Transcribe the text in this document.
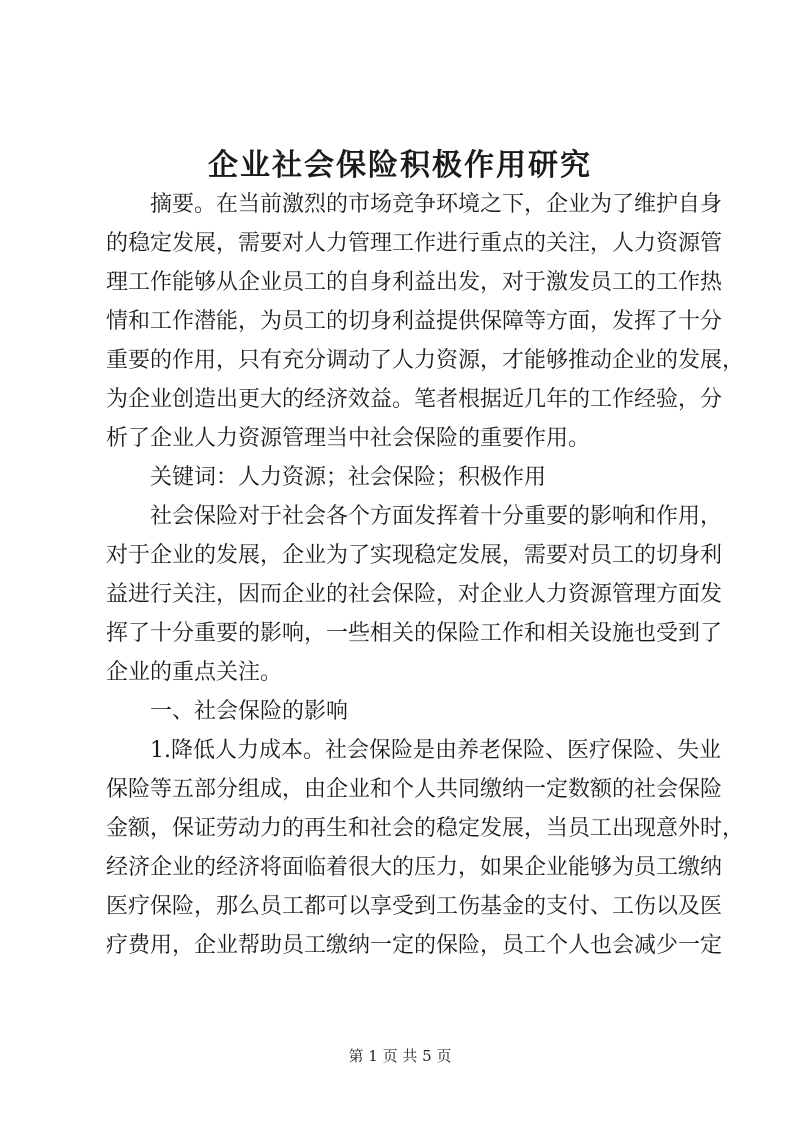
企业社会保险积极作用研究
摘要。在当前激烈的市场竞争环境之下，企业为了维护自身
的稳定发展，需要对人力管理工作进行重点的关注，人力资源管
理工作能够从企业员工的自身利益出发，对于激发员工的工作热
情和工作潜能，为员工的切身利益提供保障等方面，发挥了十分
重要的作用，只有充分调动了人力资源，才能够推动企业的发展，
为企业创造出更大的经济效益。笔者根据近几年的工作经验，分
析了企业人力资源管理当中社会保险的重要作用。
关键词：人力资源；社会保险；积极作用
社会保险对于社会各个方面发挥着十分重要的影响和作用，
对于企业的发展，企业为了实现稳定发展，需要对员工的切身利
益进行关注，因而企业的社会保险，对企业人力资源管理方面发
挥了十分重要的影响，一些相关的保险工作和相关设施也受到了
企业的重点关注。
一、社会保险的影响
1.降低人力成本。社会保险是由养老保险、医疗保险、失业
保险等五部分组成，由企业和个人共同缴纳一定数额的社会保险
金额，保证劳动力的再生和社会的稳定发展，当员工出现意外时，
经济企业的经济将面临着很大的压力，如果企业能够为员工缴纳
医疗保险，那么员工都可以享受到工伤基金的支付、工伤以及医
疗费用，企业帮助员工缴纳一定的保险，员工个人也会减少一定
第 1 页 共 5 页
